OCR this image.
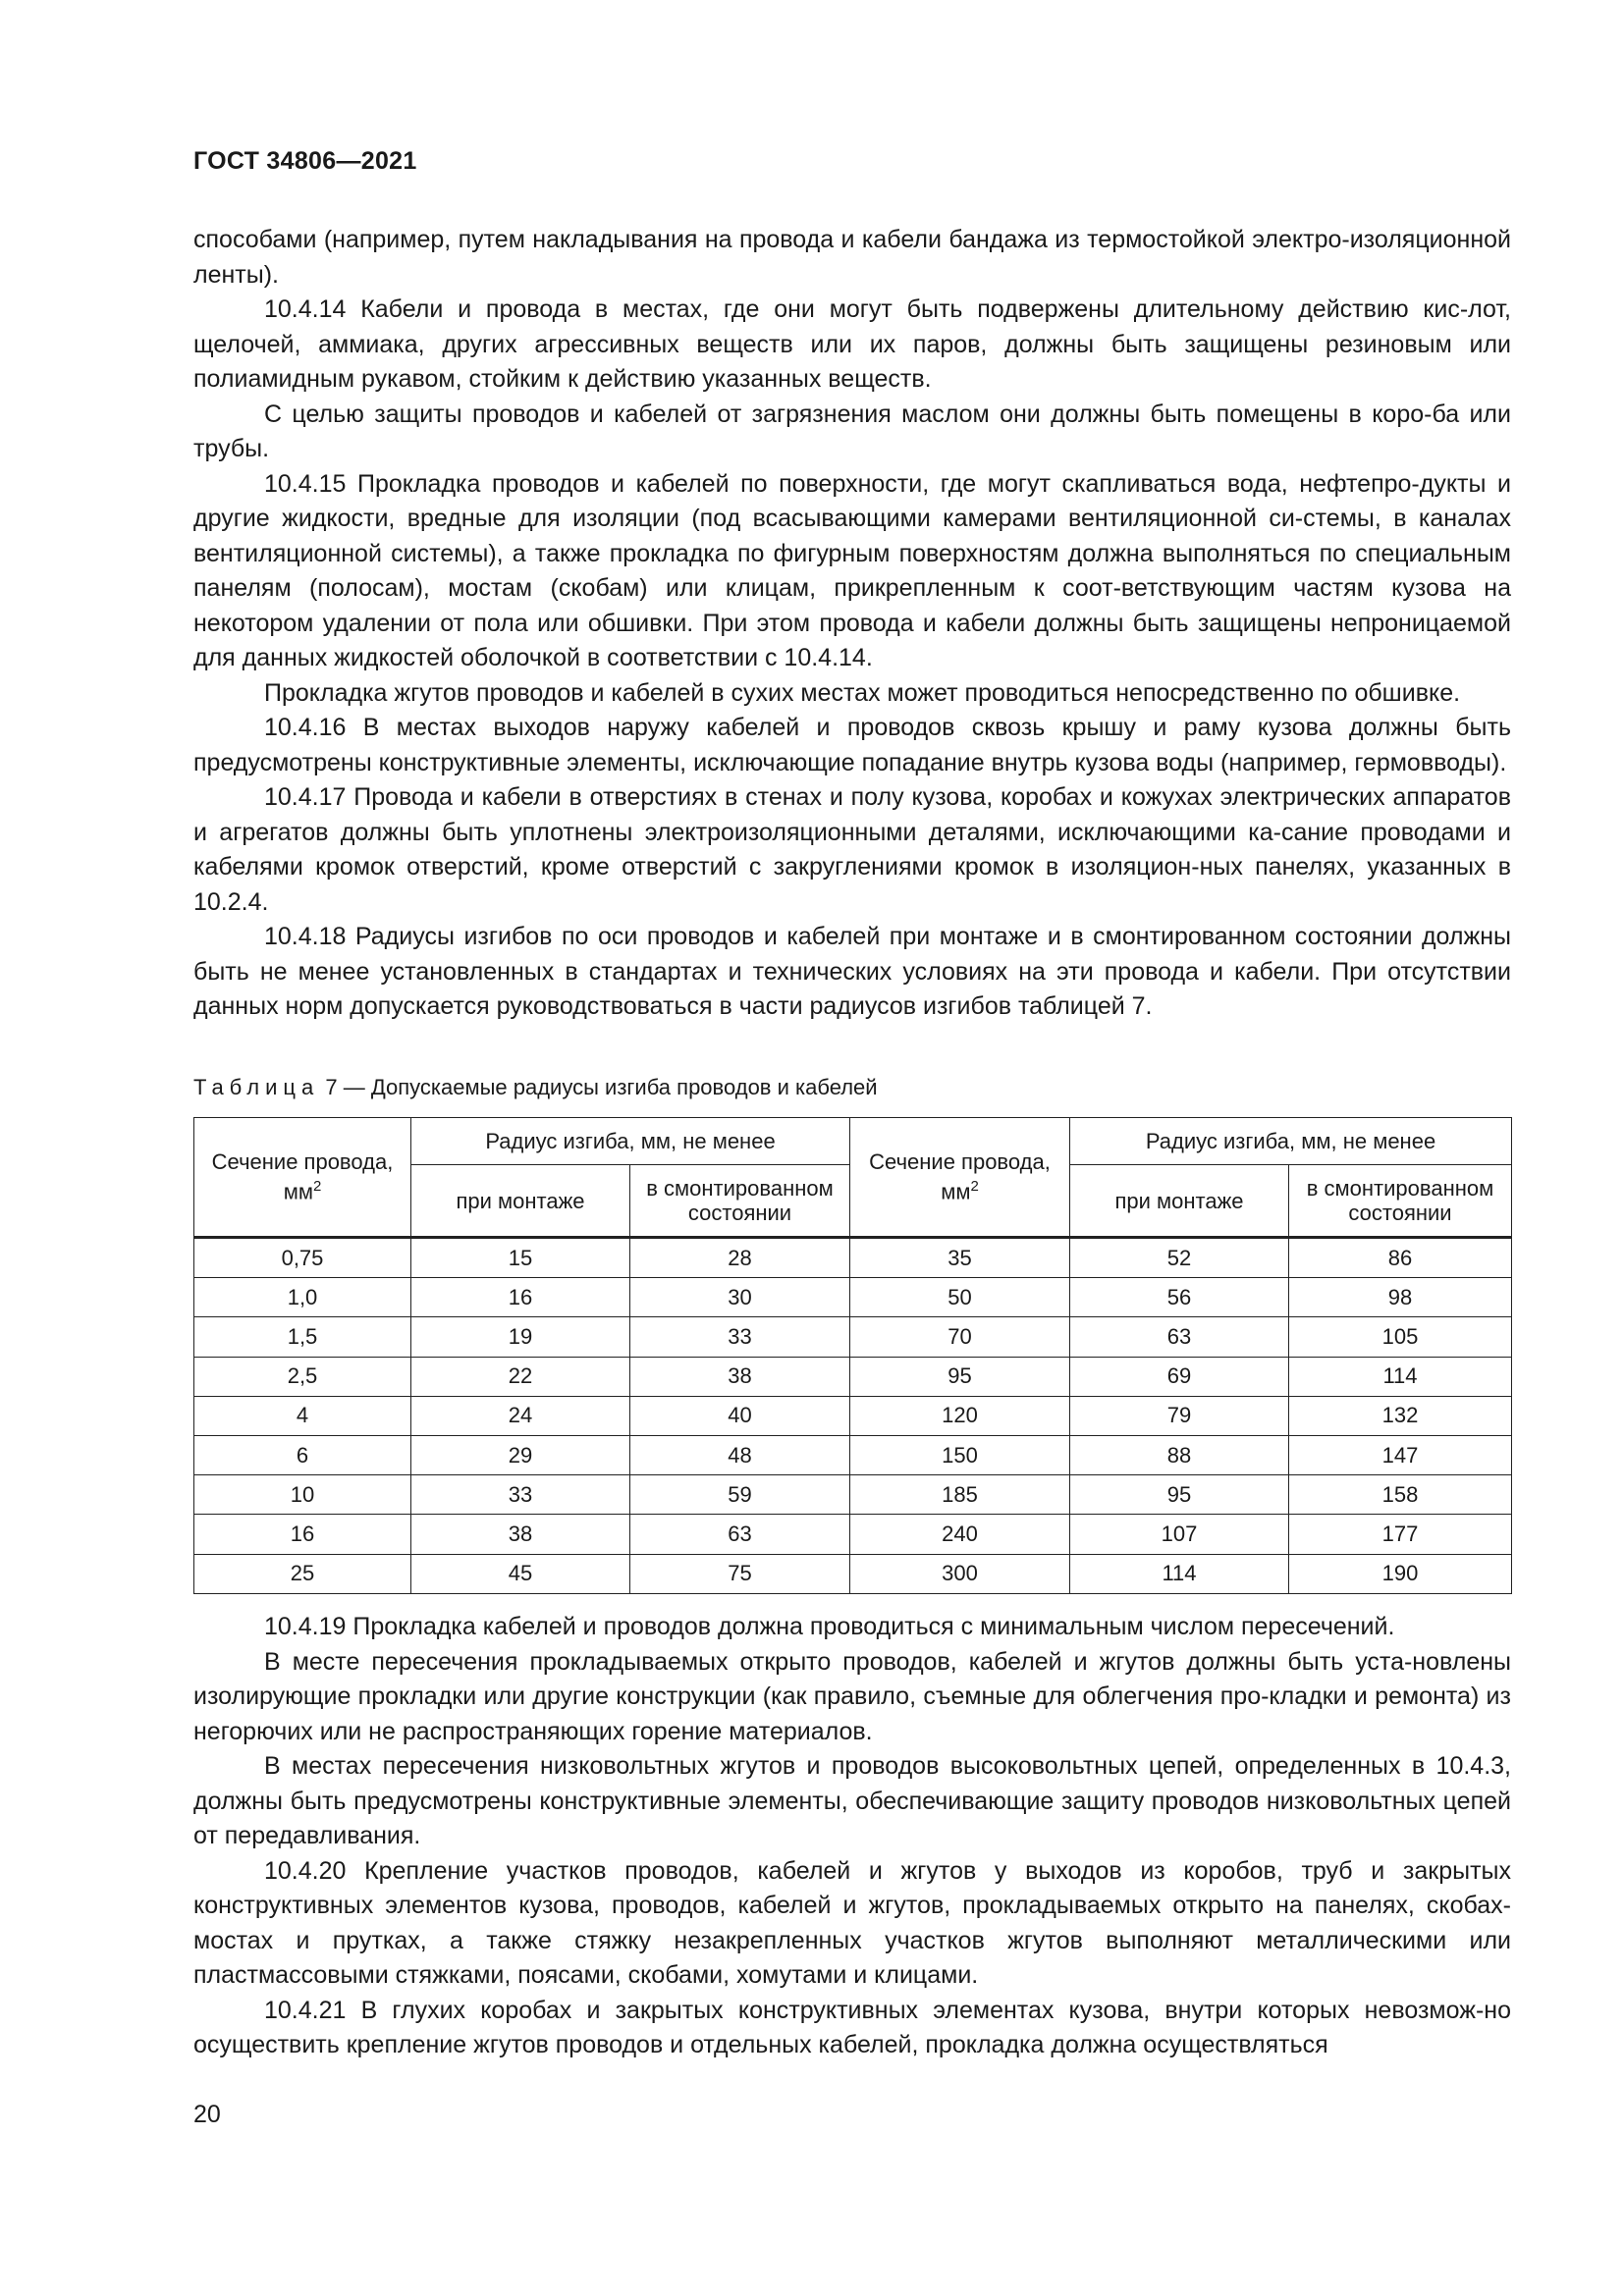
ГОСТ 34806—2021

способами (например, путем накладывания на провода и кабели бандажа из термостойкой электро-изоляционной ленты).

10.4.14 Кабели и провода в местах, где они могут быть подвержены длительному действию кис-лот, щелочей, аммиака, других агрессивных веществ или их паров, должны быть защищены резиновым или полиамидным рукавом, стойким к действию указанных веществ.

С целью защиты проводов и кабелей от загрязнения маслом они должны быть помещены в коро-ба или трубы.

10.4.15 Прокладка проводов и кабелей по поверхности, где могут скапливаться вода, нефтепро-дукты и другие жидкости, вредные для изоляции (под всасывающими камерами вентиляционной си-стемы, в каналах вентиляционной системы), а также прокладка по фигурным поверхностям должна выполняться по специальным панелям (полосам), мостам (скобам) или клицам, прикрепленным к соот-ветствующим частям кузова на некотором удалении от пола или обшивки. При этом провода и кабели должны быть защищены непроницаемой для данных жидкостей оболочкой в соответствии с 10.4.14.

Прокладка жгутов проводов и кабелей в сухих местах может проводиться непосредственно по обшивке.

10.4.16 В местах выходов наружу кабелей и проводов сквозь крышу и раму кузова должны быть предусмотрены конструктивные элементы, исключающие попадание внутрь кузова воды (например, гермовводы).

10.4.17 Провода и кабели в отверстиях в стенах и полу кузова, коробах и кожухах электрических аппаратов и агрегатов должны быть уплотнены электроизоляционными деталями, исключающими ка-сание проводами и кабелями кромок отверстий, кроме отверстий с закруглениями кромок в изоляцион-ных панелях, указанных в 10.2.4.

10.4.18 Радиусы изгибов по оси проводов и кабелей при монтаже и в смонтированном состоянии должны быть не менее установленных в стандартах и технических условиях на эти провода и кабели. При отсутствии данных норм допускается руководствоваться в части радиусов изгибов таблицей 7.

Таблица 7 — Допускаемые радиусы изгиба проводов и кабелей
Сечение провода, $мм^2$	Радиус изгиба, мм, не менее		Сечение провода, $мм^2$	Радиус изгиба, мм, не менее	
	при монтаже	в смонтированном состоянии		при монтаже	в смонтированном состоянии
0,75	15	28	35	52	86
1,0	16	30	50	56	98
1,5	19	33	70	63	105
2,5	22	38	95	69	114
4	24	40	120	79	132
6	29	48	150	88	147
10	33	59	185	95	158
16	38	63	240	107	177
25	45	75	300	114	190

10.4.19 Прокладка кабелей и проводов должна проводиться с минимальным числом пересечений.

В месте пересечения прокладываемых открыто проводов, кабелей и жгутов должны быть уста-новлены изолирующие прокладки или другие конструкции (как правило, съемные для облегчения про-кладки и ремонта) из негорючих или не распространяющих горение материалов.

В местах пересечения низковольтных жгутов и проводов высоковольтных цепей, определенных в 10.4.3, должны быть предусмотрены конструктивные элементы, обеспечивающие защиту проводов низковольтных цепей от передавливания.

10.4.20 Крепление участков проводов, кабелей и жгутов у выходов из коробов, труб и закрытых конструктивных элементов кузова, проводов, кабелей и жгутов, прокладываемых открыто на панелях, скобах-мостах и прутках, а также стяжку незакрепленных участков жгутов выполняют металлическими или пластмассовыми стяжками, поясами, скобами, хомутами и клицами.

10.4.21 В глухих коробах и закрытых конструктивных элементах кузова, внутри которых невозмож-но осуществить крепление жгутов проводов и отдельных кабелей, прокладка должна осуществляться

20
